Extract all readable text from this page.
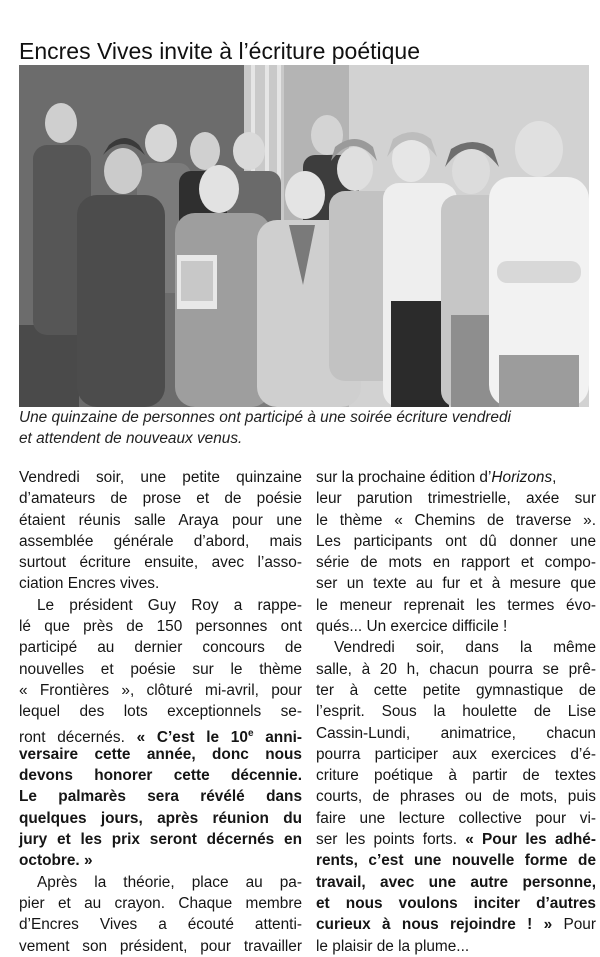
Encres Vives invite à l’écriture poétique

Une quinzaine de personnes ont participé à une soirée écriture vendredi

et attendent de nouveaux venus.

Vendredi soir, une petite quinzaine
d’amateurs de prose et de poésie
étaient réunis salle Araya pour une
assemblée générale d’abord, mais
surtout écriture ensuite, avec l’asso-
ciation Encres vives.
Le président Guy Roy a rappe-
lé que près de 150 personnes ont
participé au dernier concours de
nouvelles et poésie sur le thème
« Frontières », clôturé mi-avril, pour
lequel des lots exceptionnels se-
ront décernés. « C’est le 10e anni-
versaire cette année, donc nous
devons honorer cette décennie.
Le palmarès sera révélé dans
quelques jours, après réunion du
jury et les prix seront décernés en
octobre. »
Après la théorie, place au pa-
pier et au crayon. Chaque membre
d’Encres Vives a écouté attenti-
vement son président, pour travailler
sur la prochaine édition d’Horizons,
leur parution trimestrielle, axée sur
le thème « Chemins de traverse ».
Les participants ont dû donner une
série de mots en rapport et compo-
ser un texte au fur et à mesure que
le meneur reprenait les termes évo-
qués... Un exercice difficile !
Vendredi soir, dans la même
salle, à 20 h, chacun pourra se prê-
ter à cette petite gymnastique de
l’esprit. Sous la houlette de Lise
Cassin-Lundi, animatrice, chacun
pourra participer aux exercices d’é-
criture poétique à partir de textes
courts, de phrases ou de mots, puis
faire une lecture collective pour vi-
ser les points forts. « Pour les adhé-
rents, c’est une nouvelle forme de
travail, avec une autre personne,
et nous voulons inciter d’autres
curieux à nous rejoindre ! » Pour
le plaisir de la plume...
